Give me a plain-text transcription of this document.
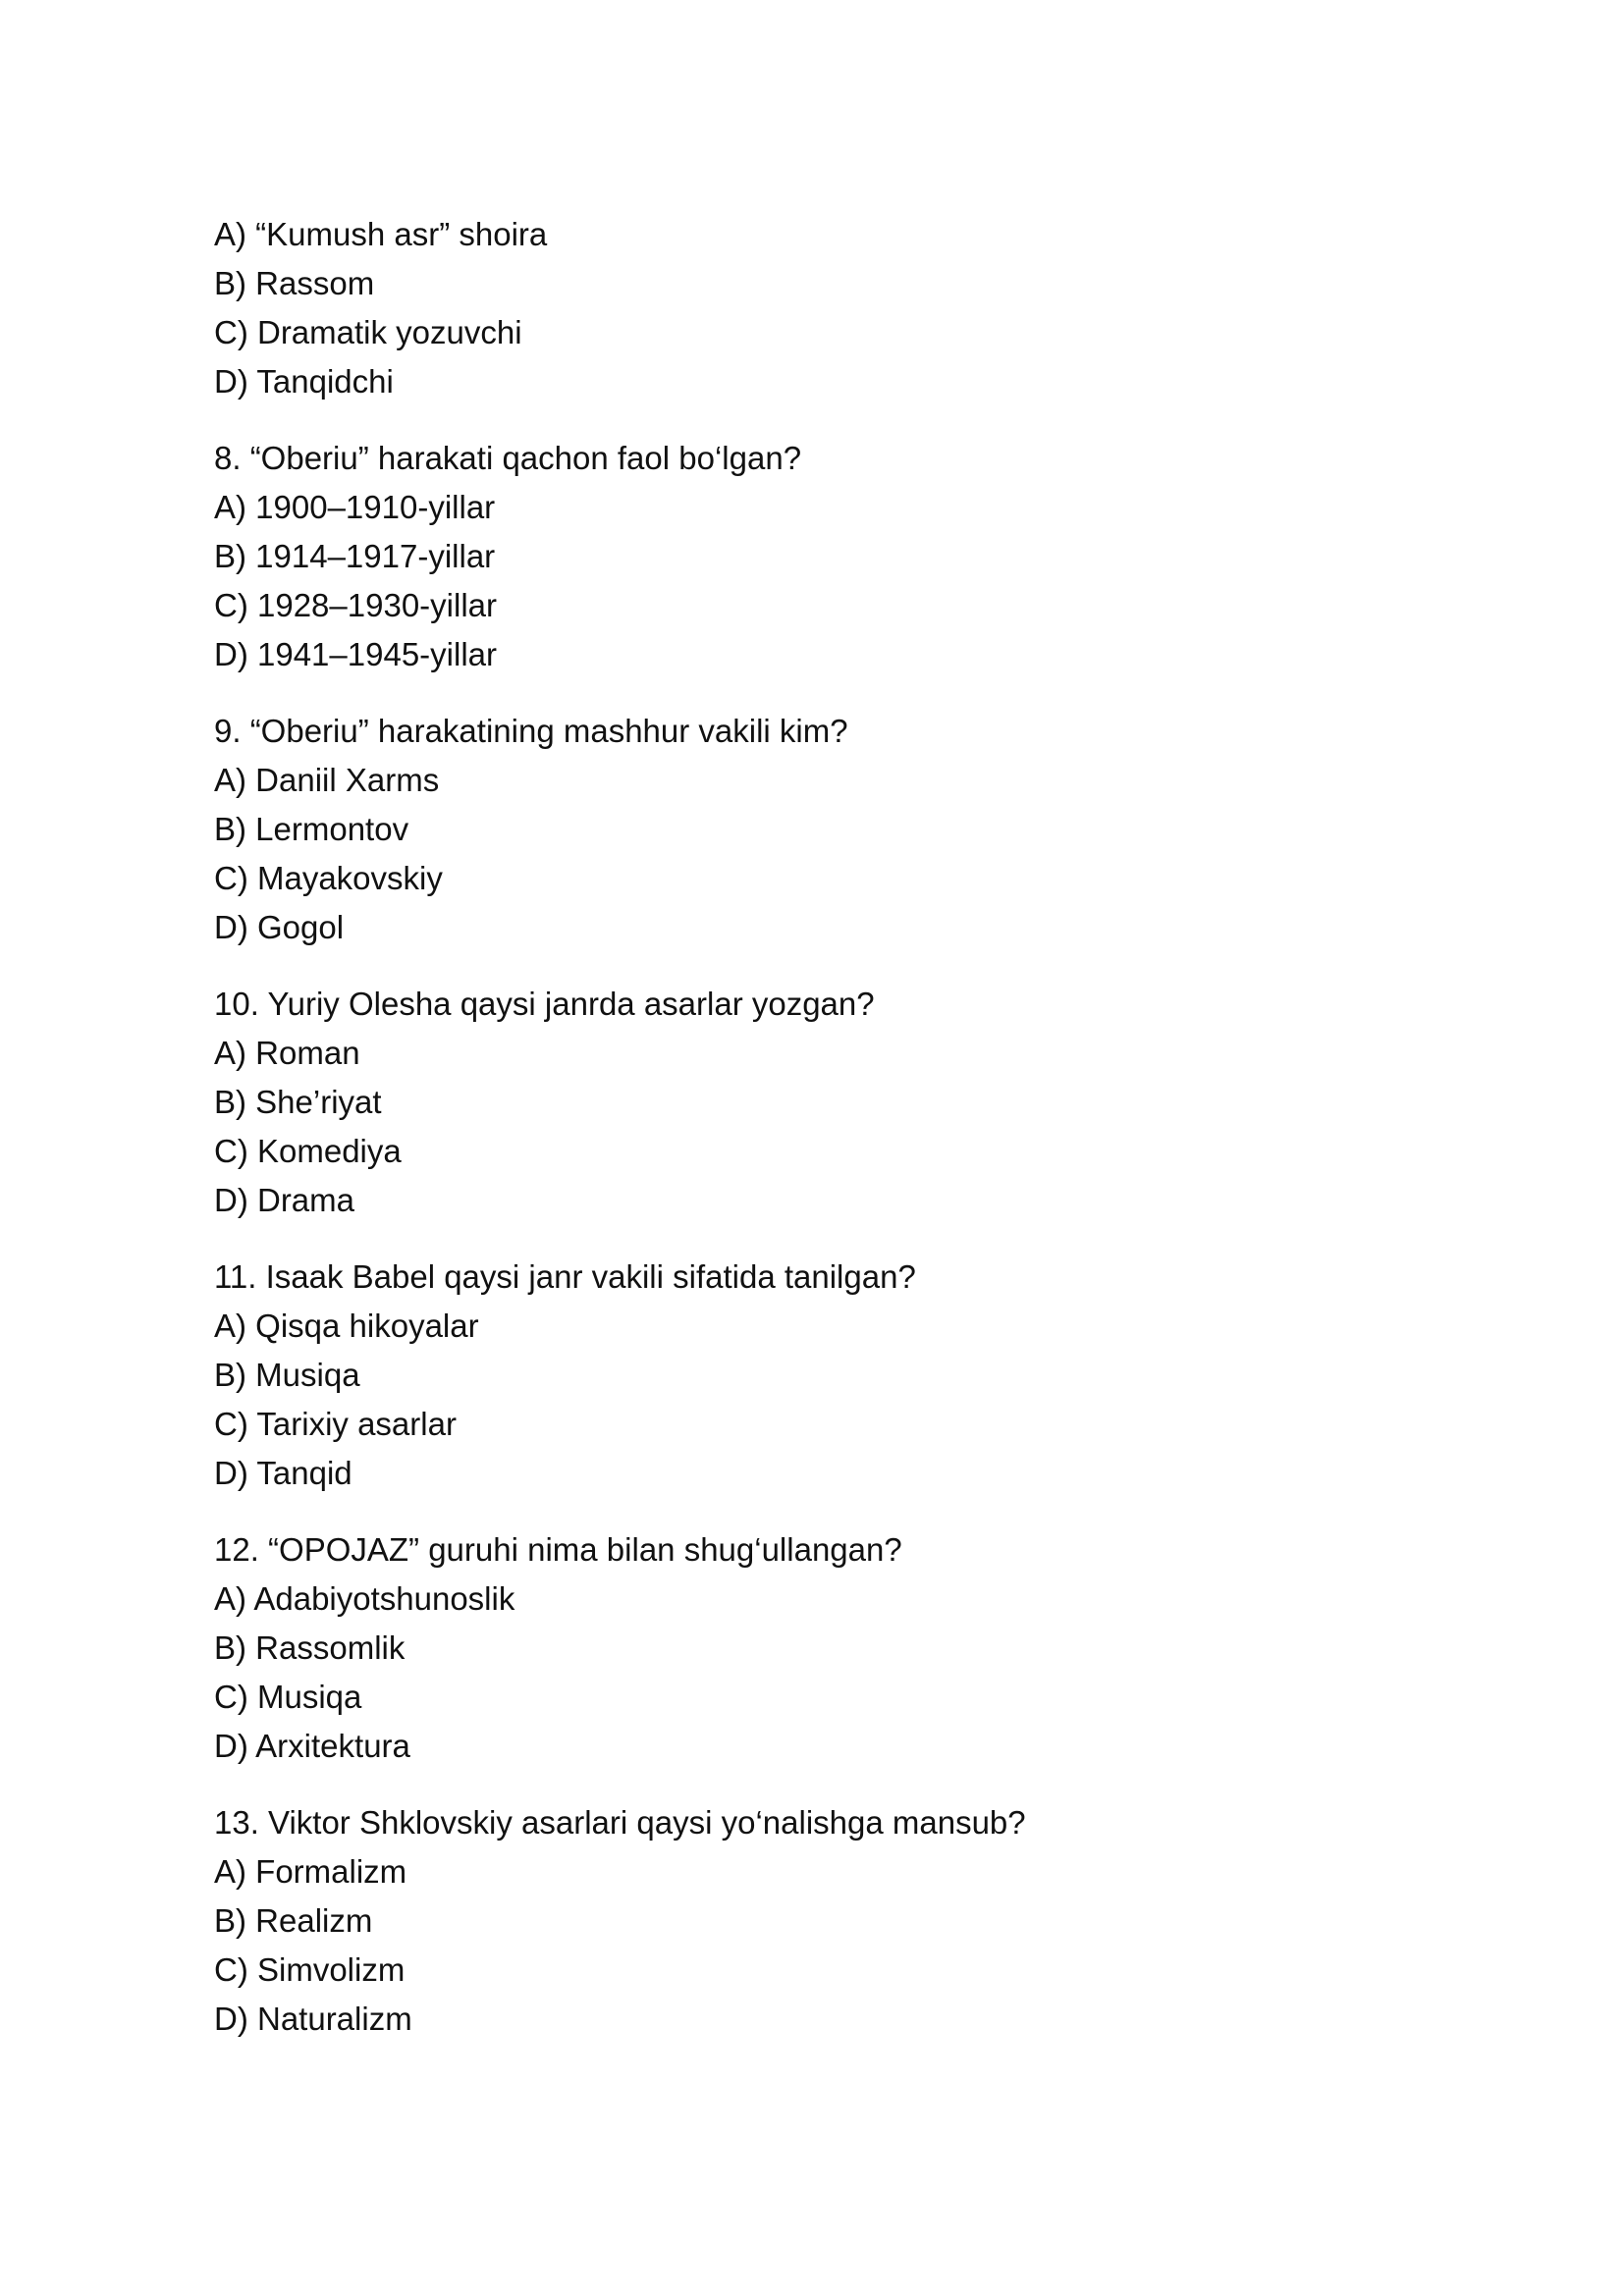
A) “Kumush asr” shoira

B) Rassom

C) Dramatik yozuvchi

D) Tanqidchi

8. “Oberiu” harakati qachon faol bo‘lgan?

A) 1900–1910-yillar

B) 1914–1917-yillar

C) 1928–1930-yillar

D) 1941–1945-yillar

9. “Oberiu” harakatining mashhur vakili kim?

A) Daniil Xarms

B) Lermontov

C) Mayakovskiy

D) Gogol

10. Yuriy Olesha qaysi janrda asarlar yozgan?

A) Roman

B) She’riyat

C) Komediya

D) Drama

11. Isaak Babel qaysi janr vakili sifatida tanilgan?

A) Qisqa hikoyalar

B) Musiqa

C) Tarixiy asarlar

D) Tanqid

12. “OPOJAZ” guruhi nima bilan shug‘ullangan?

A) Adabiyotshunoslik

B) Rassomlik

C) Musiqa

D) Arxitektura

13. Viktor Shklovskiy asarlari qaysi yo‘nalishga mansub?

A) Formalizm

B) Realizm

C) Simvolizm

D) Naturalizm
